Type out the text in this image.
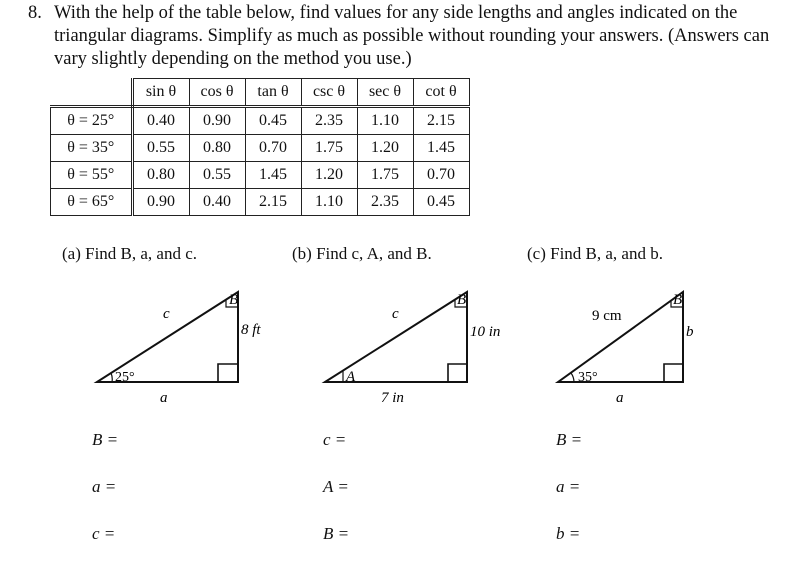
8. With the help of the table below, find values for any side lengths and angles indicated on the triangular diagrams. Simplify as much as possible without rounding your answers. (Answers can vary slightly depending on the method you use.)
	sin θ	cos θ	tan θ	csc θ	sec θ	cot θ
θ = 25°	0.40	0.90	0.45	2.35	1.10	2.15
θ = 35°	0.55	0.80	0.70	1.75	1.20	1.45
θ = 55°	0.80	0.55	1.45	1.20	1.75	0.70
θ = 65°	0.90	0.40	2.15	1.10	2.35	0.45
(a) Find B, a, and c.
B
c
8 ft
25°
a
B
c
10 in
A
7 in
B
9 cm
b
35°
a
(b) Find c, A, and B.	(c) Find B, a, and b.
B =
a =
c =
c =
A =
B =
B =
a =
b =
